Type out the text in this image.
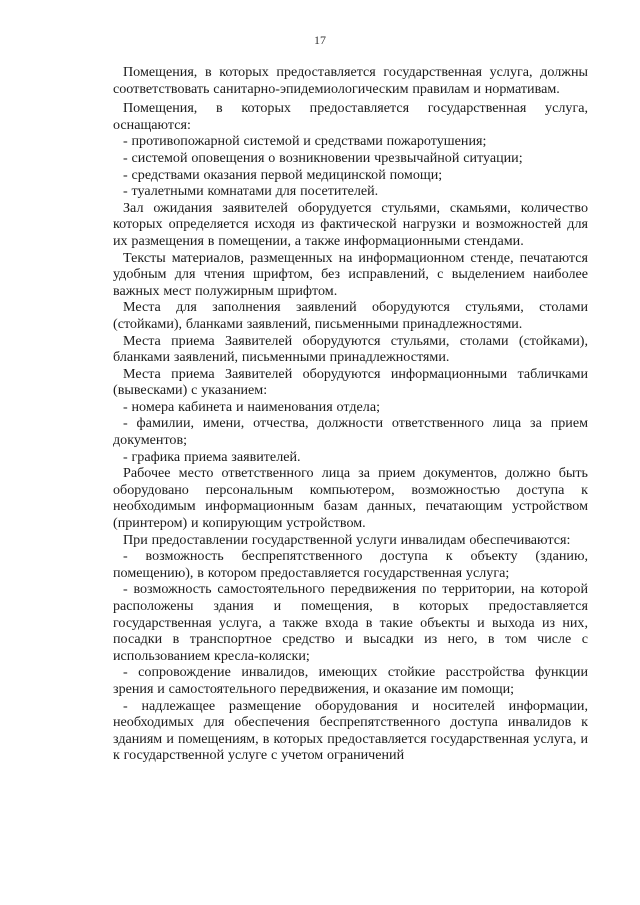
17

Помещения, в которых предоставляется государственная услуга, должны соответствовать санитарно-эпидемиологическим правилам и нормативам.

Помещения, в которых предоставляется государственная услуга, оснащаются:

- противопожарной системой и средствами пожаротушения;

- системой оповещения о возникновении чрезвычайной ситуации;

- средствами оказания первой медицинской помощи;

- туалетными комнатами для посетителей.

Зал ожидания заявителей оборудуется стульями, скамьями, количество которых определяется исходя из фактической нагрузки и возможностей для их размещения в помещении, а также информационными стендами.

Тексты материалов, размещенных на информационном стенде, печатаются удобным для чтения шрифтом, без исправлений, с выделением наиболее важных мест полужирным шрифтом.

Места для заполнения заявлений оборудуются стульями, столами (стойками), бланками заявлений, письменными принадлежностями.

Места приема Заявителей оборудуются стульями, столами (стойками), бланками заявлений, письменными принадлежностями.

Места приема Заявителей оборудуются информационными табличками (вывесками) с указанием:

- номера кабинета и наименования отдела;

- фамилии, имени, отчества, должности ответственного лица за прием документов;

- графика приема заявителей.

Рабочее место ответственного лица за прием документов, должно быть оборудовано персональным компьютером, возможностью доступа к необходимым информационным базам данных, печатающим устройством (принтером) и копирующим устройством.

При предоставлении государственной услуги инвалидам обеспечиваются:

- возможность беспрепятственного доступа к объекту (зданию, помещению), в котором предоставляется государственная услуга;

- возможность самостоятельного передвижения по территории, на которой расположены здания и помещения, в которых предоставляется государственная услуга, а также входа в такие объекты и выхода из них, посадки в транспортное средство и высадки из него, в том числе с использованием кресла-коляски;

- сопровождение инвалидов, имеющих стойкие расстройства функции зрения и самостоятельного передвижения, и оказание им помощи;

- надлежащее размещение оборудования и носителей информации, необходимых для обеспечения беспрепятственного доступа инвалидов к зданиям и помещениям, в которых предоставляется государственная услуга, и к государственной услуге с учетом ограничений
